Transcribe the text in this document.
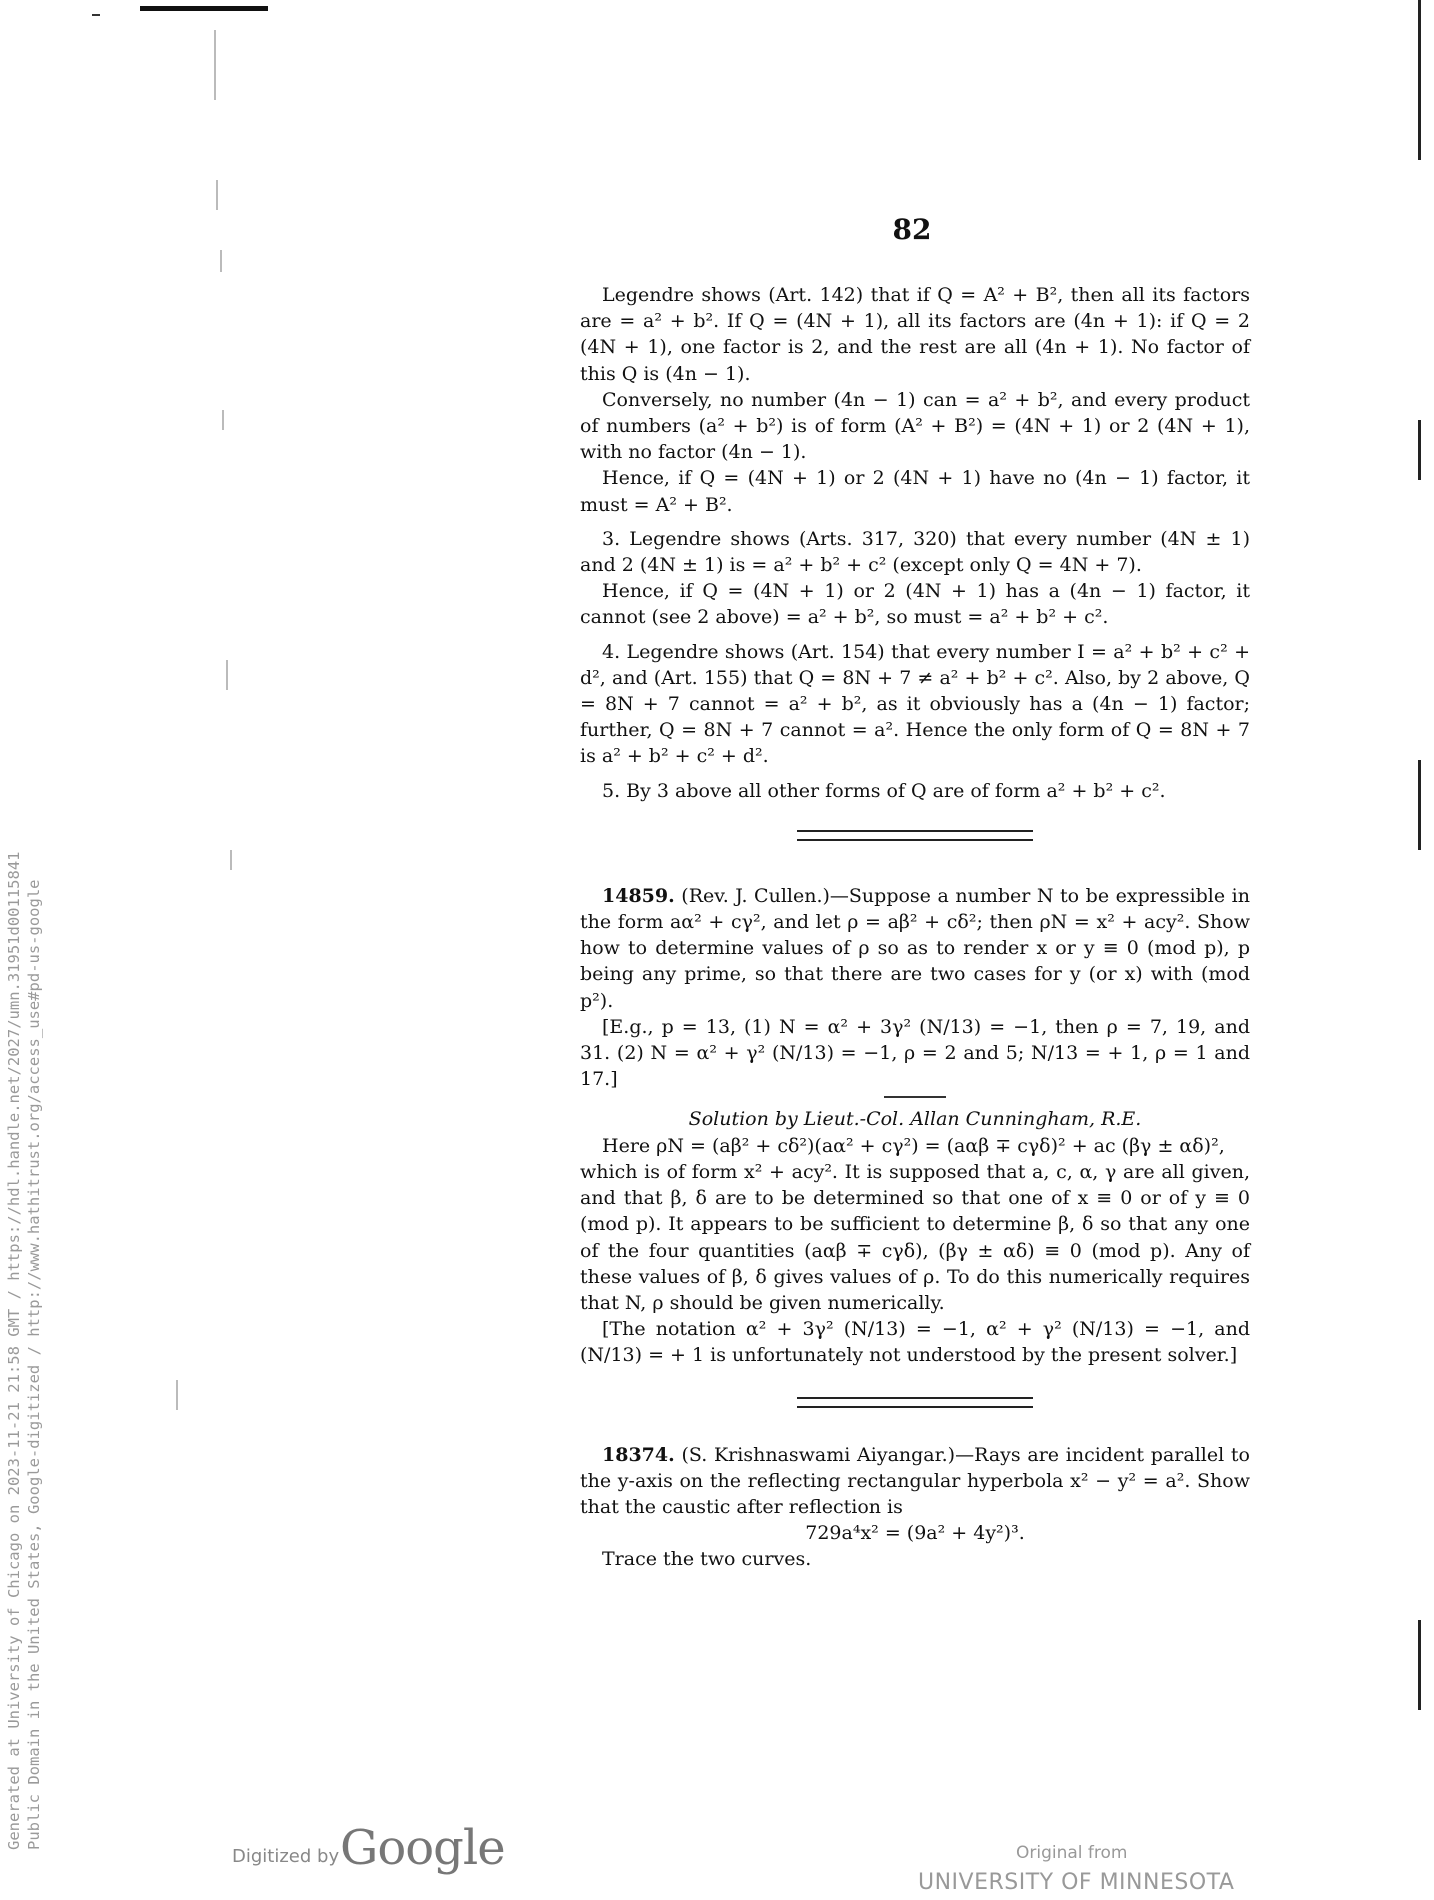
Generated at University of Chicago on 2023-11-21 21:58 GMT / https://hdl.handle.net/2027/umn.31951d00115841 Public Domain in the United States, Google-digitized / http://www.hathitrust.org/access_use#pd-us-google
82

Legendre shows (Art. 142) that if Q = A² + B², then all its factors are = a² + b². If Q = (4N + 1), all its factors are (4n + 1): if Q = 2 (4N + 1), one factor is 2, and the rest are all (4n + 1). No factor of this Q is (4n − 1).

Conversely, no number (4n − 1) can = a² + b², and every product of numbers (a² + b²) is of form (A² + B²) = (4N + 1) or 2 (4N + 1), with no factor (4n − 1).

Hence, if Q = (4N + 1) or 2 (4N + 1) have no (4n − 1) factor, it must = A² + B².

3. Legendre shows (Arts. 317, 320) that every number (4N ± 1) and 2 (4N ± 1) is = a² + b² + c² (except only Q = 4N + 7).

Hence, if Q = (4N + 1) or 2 (4N + 1) has a (4n − 1) factor, it cannot (see 2 above) = a² + b², so must = a² + b² + c².

4. Legendre shows (Art. 154) that every number I = a² + b² + c² + d², and (Art. 155) that Q = 8N + 7 ≠ a² + b² + c². Also, by 2 above, Q = 8N + 7 cannot = a² + b², as it obviously has a (4n − 1) factor; further, Q = 8N + 7 cannot = a². Hence the only form of Q = 8N + 7 is a² + b² + c² + d².

5. By 3 above all other forms of Q are of form a² + b² + c².

14859. (Rev. J. Cullen.)—Suppose a number N to be expressible in the form aα² + cγ², and let ρ = aβ² + cδ²; then ρN = x² + acy². Show how to determine values of ρ so as to render x or y ≡ 0 (mod p), p being any prime, so that there are two cases for y (or x) with (mod p²).

[E.g., p = 13, (1) N = α² + 3γ² (N/13) = −1, then ρ = 7, 19, and 31. (2) N = α² + γ² (N/13) = −1, ρ = 2 and 5; N/13 = + 1, ρ = 1 and 17.]

Solution by Lieut.-Col. Allan Cunningham, R.E.

Here ρN = (aβ² + cδ²)(aα² + cγ²) = (aαβ ∓ cγδ)² + ac (βγ ± αδ)²,

which is of form x² + acy². It is supposed that a, c, α, γ are all given, and that β, δ are to be determined so that one of x ≡ 0 or of y ≡ 0 (mod p). It appears to be sufficient to determine β, δ so that any one of the four quantities (aαβ ∓ cγδ), (βγ ± αδ) ≡ 0 (mod p). Any of these values of β, δ gives values of ρ. To do this numerically requires that N, ρ should be given numerically.

[The notation α² + 3γ² (N/13) = −1, α² + γ² (N/13) = −1, and (N/13) = + 1 is unfortunately not understood by the present solver.]

18374. (S. Krishnaswami Aiyangar.)—Rays are incident parallel to the y-axis on the reflecting rectangular hyperbola x² − y² = a². Show that the caustic after reflection is

729a⁴x² = (9a² + 4y²)³.

Trace the two curves.

Digitized by Google	Original from
UNIVERSITY OF MINNESOTA
